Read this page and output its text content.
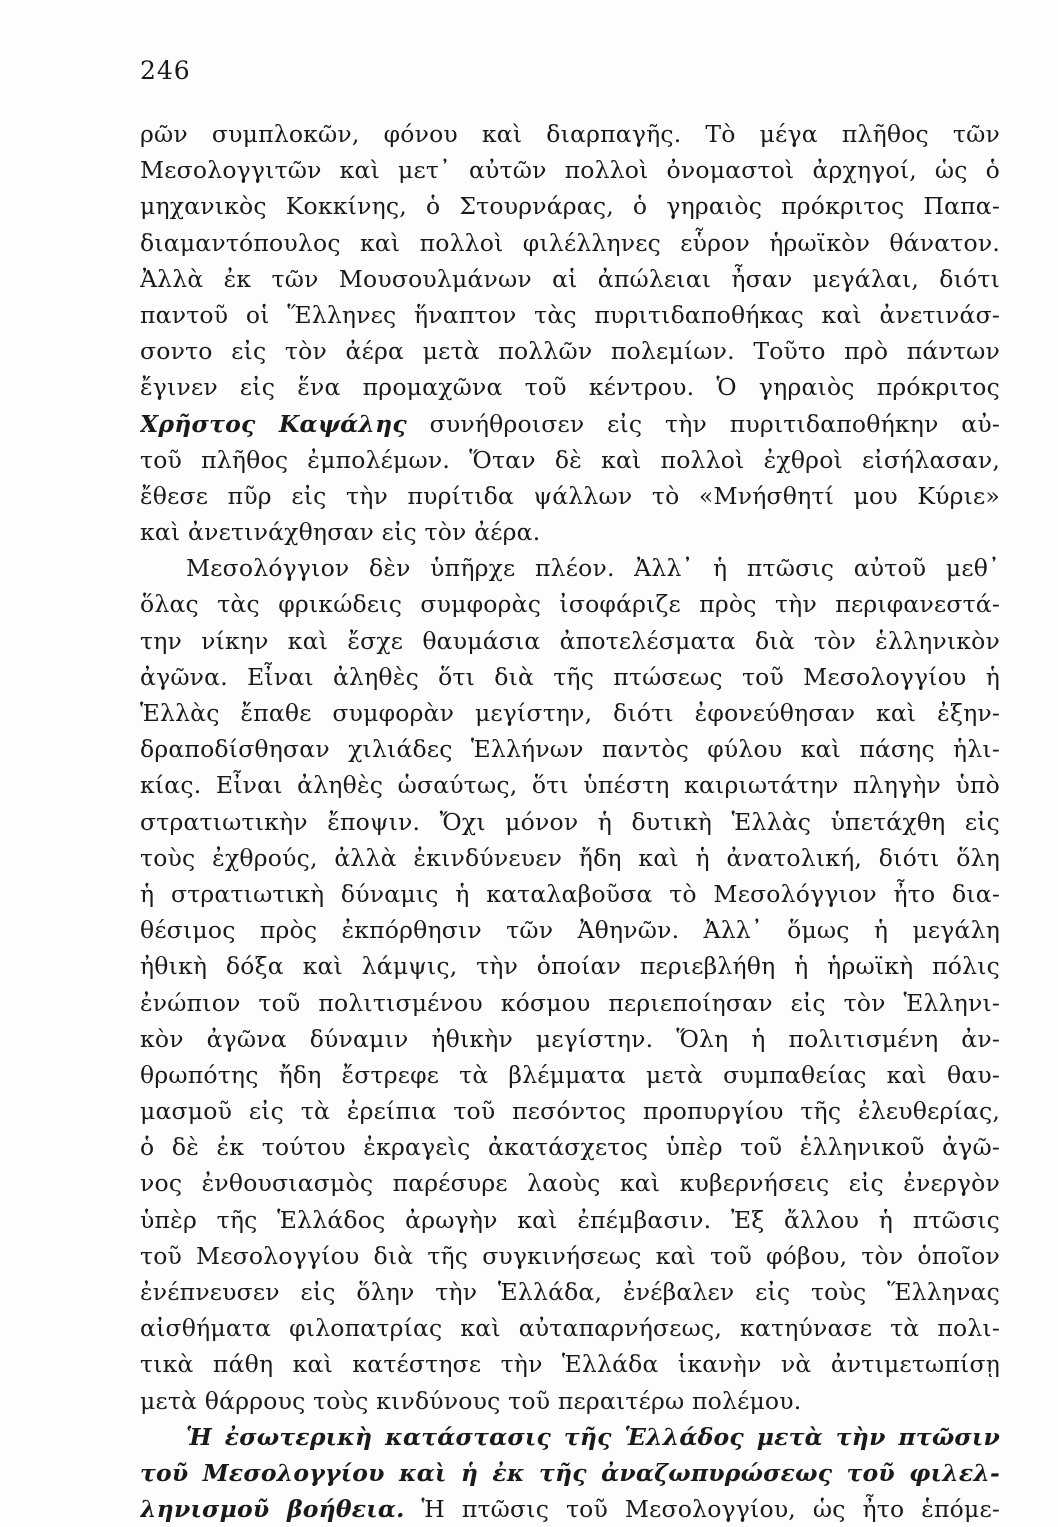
246
ρῶν συμπλοκῶν, φόνου καὶ διαρπαγῆς. Τὸ μέγα πλῆθος τῶν
Μεσολογγιτῶν καὶ μετ᾽ αὐτῶν πολλοὶ ὀνομαστοὶ ἀρχηγοί, ὡς ὁ
μηχανικὸς Κοκκίνης, ὁ Στουρνάρας, ὁ γηραιὸς πρόκριτος Παπα-
διαμαντόπουλος καὶ πολλοὶ φιλέλληνες εὗρον ἡρωϊκὸν θάνατον.
Ἀλλὰ ἐκ τῶν Μουσουλμάνων αἱ ἀπώλειαι ἦσαν μεγάλαι, διότι
παντοῦ οἱ Ἕλληνες ἥναπτον τὰς πυριτιδαποθήκας καὶ ἀνετινάσ-
σοντο εἰς τὸν ἀέρα μετὰ πολλῶν πολεμίων. Τοῦτο πρὸ πάντων
ἔγινεν εἰς ἕνα προμαχῶνα τοῦ κέντρου. Ὁ γηραιὸς πρόκριτος
Χρῆστος Καψάλης συνήθροισεν εἰς τὴν πυριτιδαποθήκην αὐ-
τοῦ πλῆθος ἐμπολέμων. Ὅταν δὲ καὶ πολλοὶ ἐχθροὶ εἰσήλασαν,
ἔθεσε πῦρ εἰς τὴν πυρίτιδα ψάλλων τὸ «Μνήσθητί μου Κύριε»
καὶ ἀνετινάχθησαν εἰς τὸν ἀέρα.
Μεσολόγγιον δὲν ὑπῆρχε πλέον. Ἀλλ᾽ ἡ πτῶσις αὐτοῦ μεθ᾽
ὅλας τὰς φρικώδεις συμφορὰς ἰσοφάριζε πρὸς τὴν περιφανεστά-
την νίκην καὶ ἔσχε θαυμάσια ἀποτελέσματα διὰ τὸν ἑλληνικὸν
ἀγῶνα. Εἶναι ἀληθὲς ὅτι διὰ τῆς πτώσεως τοῦ Μεσολογγίου ἡ
Ἑλλὰς ἔπαθε συμφορὰν μεγίστην, διότι ἐφονεύθησαν καὶ ἐξην-
δραποδίσθησαν χιλιάδες Ἑλλήνων παντὸς φύλου καὶ πάσης ἡλι-
κίας. Εἶναι ἀληθὲς ὡσαύτως, ὅτι ὑπέστη καιριωτάτην πληγὴν ὑπὸ
στρατιωτικὴν ἔποψιν. Ὄχι μόνον ἡ δυτικὴ Ἑλλὰς ὑπετάχθη εἰς
τοὺς ἐχθρούς, ἀλλὰ ἐκινδύνευεν ἤδη καὶ ἡ ἀνατολική, διότι ὅλη
ἡ στρατιωτικὴ δύναμις ἡ καταλαβοῦσα τὸ Μεσολόγγιον ἦτο δια-
θέσιμος πρὸς ἐκπόρθησιν τῶν Ἀθηνῶν. Ἀλλ᾽ ὅμως ἡ μεγάλη
ἠθικὴ δόξα καὶ λάμψις, τὴν ὁποίαν περιεβλήθη ἡ ἡρωϊκὴ πόλις
ἐνώπιον τοῦ πολιτισμένου κόσμου περιεποίησαν εἰς τὸν Ἑλληνι-
κὸν ἀγῶνα δύναμιν ἠθικὴν μεγίστην. Ὅλη ἡ πολιτισμένη ἀν-
θρωπότης ἤδη ἔστρεφε τὰ βλέμματα μετὰ συμπαθείας καὶ θαυ-
μασμοῦ εἰς τὰ ἐρείπια τοῦ πεσόντος προπυργίου τῆς ἐλευθερίας,
ὁ δὲ ἐκ τούτου ἐκραγεὶς ἀκατάσχετος ὑπὲρ τοῦ ἑλληνικοῦ ἀγῶ-
νος ἐνθουσιασμὸς παρέσυρε λαοὺς καὶ κυβερνήσεις εἰς ἐνεργὸν
ὑπὲρ τῆς Ἑλλάδος ἀρωγὴν καὶ ἐπέμβασιν. Ἐξ ἄλλου ἡ πτῶσις
τοῦ Μεσολογγίου διὰ τῆς συγκινήσεως καὶ τοῦ φόβου, τὸν ὁποῖον
ἐνέπνευσεν εἰς ὅλην τὴν Ἑλλάδα, ἐνέβαλεν εἰς τοὺς Ἕλληνας
αἰσθήματα φιλοπατρίας καὶ αὐταπαρνήσεως, κατηύνασε τὰ πολι-
τικὰ πάθη καὶ κατέστησε τὴν Ἑλλάδα ἱκανὴν νὰ ἀντιμετωπίσῃ
μετὰ θάρρους τοὺς κινδύνους τοῦ περαιτέρω πολέμου.
Ἡ ἐσωτερικὴ κατάστασις τῆς Ἑλλάδος μετὰ τὴν πτῶσιν
τοῦ Μεσολογγίου καὶ ἡ ἐκ τῆς ἀναζωπυρώσεως τοῦ φιλελ-
ληνισμοῦ βοήθεια. Ἡ πτῶσις τοῦ Μεσολογγίου, ὡς ἦτο ἑπόμε-
